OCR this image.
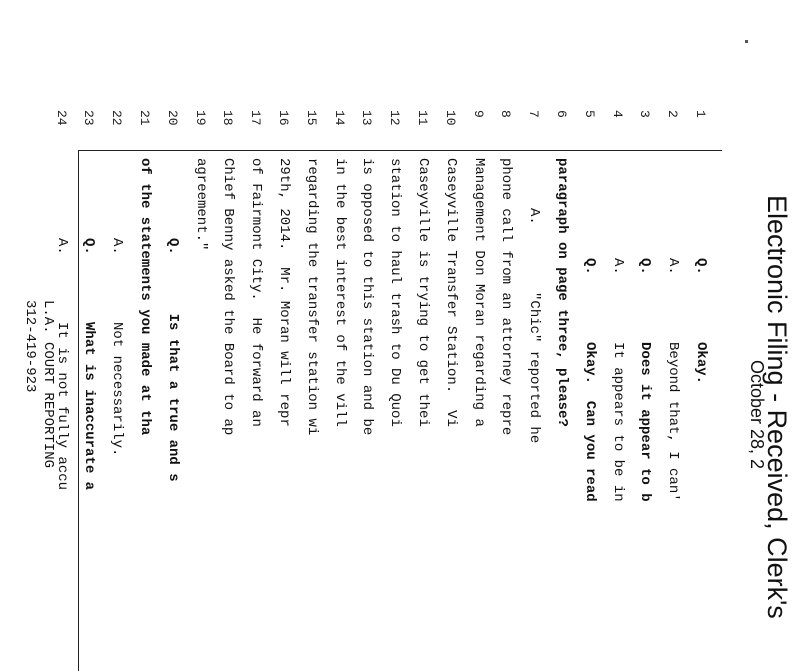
Electronic Filing - Received, Clerk's
October 28, 2
1
2
3
4
5
6
7
8
9
10
11
12
13
14
15
16
17
18
19
20
21
22
23
24
Q.        Okay.
A.        Beyond that, I can'
Q.        Does it appear to b
A.        It appears to be in
Q.        Okay.  Can you read
paragraph on page three, please?
A.        "Chic" reported he
phone call from an attorney repre
Management Don Moran regarding a
Caseyville Transfer Station.  Vi
Caseyville is trying to get thei
station to haul trash to Du Quoi
is opposed to this station and be
in the best interest of the vill
regarding the transfer station wi
29th, 2014.  Mr. Moran will repr
of Fairmont City.  He forward an
Chief Benny asked the Board to ap
agreement."
Q.       Is that a true and s
of the statements you made at tha
A.        Not necessarily.
Q.        What is inaccurate a
A.        It is not fully accu
L.A. COURT REPORTING
312-419-923
